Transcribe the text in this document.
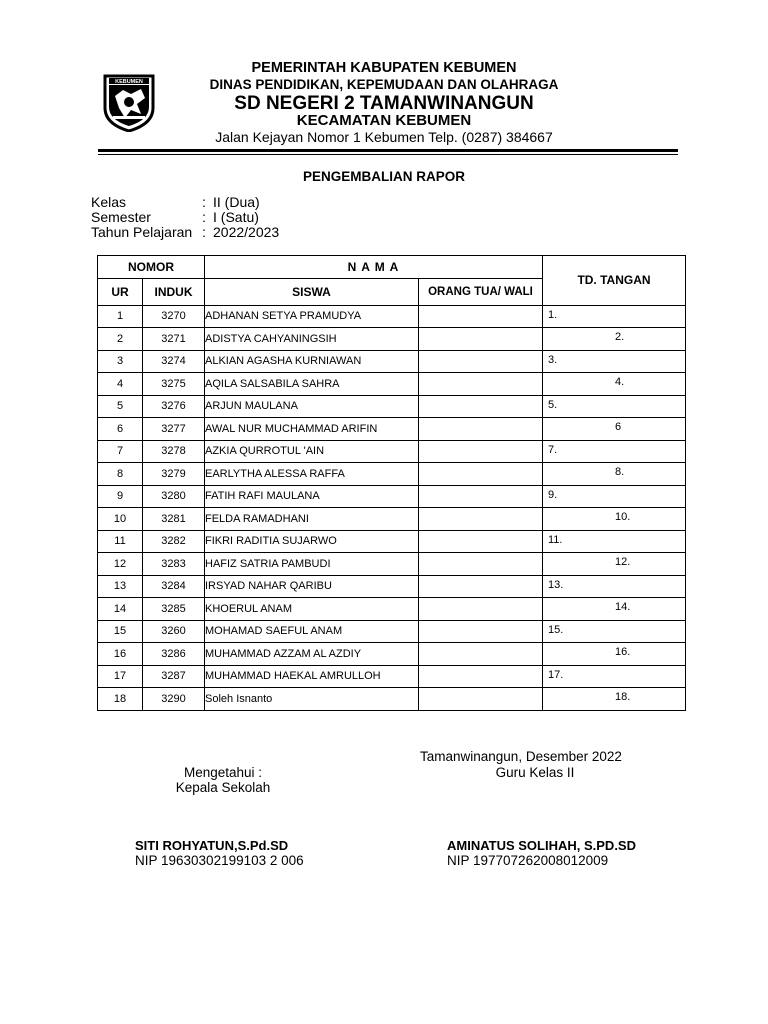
KEBUMEN
PEMERINTAH KABUPATEN KEBUMEN
DINAS PENDIDIKAN, KEPEMUDAAN DAN OLAHRAGA
SD NEGERI 2 TAMANWINANGUN
KECAMATAN KEBUMEN
Jalan Kejayan Nomor 1 Kebumen Telp. (0287) 384667
PENGEMBALIAN RAPOR
Kelas	: II (Dua)
Semester	: I (Satu)
Tahun Pelajaran : 2022/2023
NOMOR		N A M A		TD. TANGAN
UR	INDUK	SISWA	ORANG TUA/ WALI	
1	3270	ADHANAN SETYA PRAMUDYA		1.

2	3271	ADISTYA CAHYANINGSIH		2.

3	3274	ALKIAN AGASHA KURNIAWAN		3.

4	3275	AQILA SALSABILA SAHRA		4.

5	3276	ARJUN MAULANA		5.

6	3277	AWAL NUR MUCHAMMAD ARIFIN		6

7	3278	AZKIA QURROTUL 'AIN		7.

8	3279	EARLYTHA ALESSA RAFFA		8.

9	3280	FATIH RAFI MAULANA		9.

10	3281	FELDA RAMADHANI		10.

11	3282	FIKRI RADITIA SUJARWO		11.

12	3283	HAFIZ SATRIA PAMBUDI		12.

13	3284	IRSYAD NAHAR QARIBU		13.

14	3285	KHOERUL ANAM		14.

15	3260	MOHAMAD SAEFUL ANAM		15.

16	3286	MUHAMMAD AZZAM AL AZDIY		16.

17	3287	MUHAMMAD HAEKAL AMRULLOH		17.

18	3290	Soleh Isnanto		18.
Tamanwinangun, Desember 2022
Guru Kelas II
Mengetahui :
Kepala Sekolah
SITI ROHYATUN,S.Pd.SD
NIP 19630302199103 2 006
AMINATUS SOLIHAH, S.PD.SD
NIP 197707262008012009
